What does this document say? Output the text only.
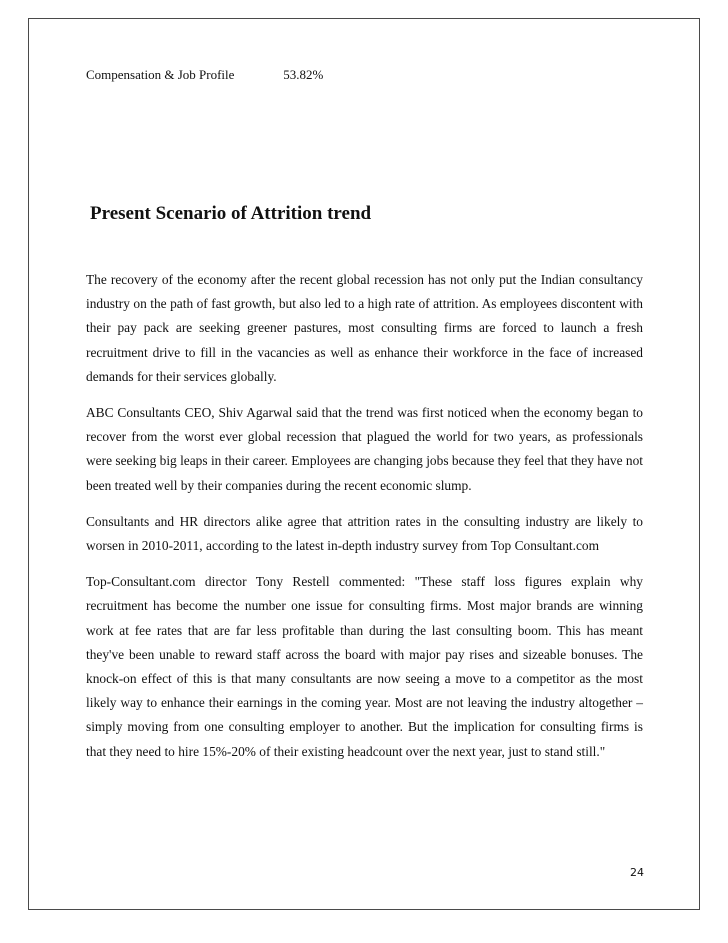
Compensation & Job Profile	53.82%
Present Scenario of Attrition trend

The recovery of the economy after the recent global recession has not only put the Indian consultancy industry on the path of fast growth, but also led to a high rate of attrition. As employees discontent with their pay pack are seeking greener pastures, most consulting firms are forced to launch a fresh recruitment drive to fill in the vacancies as well as enhance their workforce in the face of increased demands for their services globally.

ABC Consultants CEO, Shiv Agarwal said that the trend was first noticed when the economy began to recover from the worst ever global recession that plagued the world for two years, as professionals were seeking big leaps in their career. Employees are changing jobs because they feel that they have not been treated well by their companies during the recent economic slump.

Consultants and HR directors alike agree that attrition rates in the consulting industry are likely to worsen in 2010-2011, according to the latest in-depth industry survey from Top Consultant.com

Top-Consultant.com director Tony Restell commented: "These staff loss figures explain why recruitment has become the number one issue for consulting firms. Most major brands are winning work at fee rates that are far less profitable than during the last consulting boom. This has meant they've been unable to reward staff across the board with major pay rises and sizeable bonuses. The knock-on effect of this is that many consultants are now seeing a move to a competitor as the most likely way to enhance their earnings in the coming year. Most are not leaving the industry altogether – simply moving from one consulting employer to another. But the implication for consulting firms is that they need to hire 15%-20% of their existing headcount over the next year, just to stand still."

24
